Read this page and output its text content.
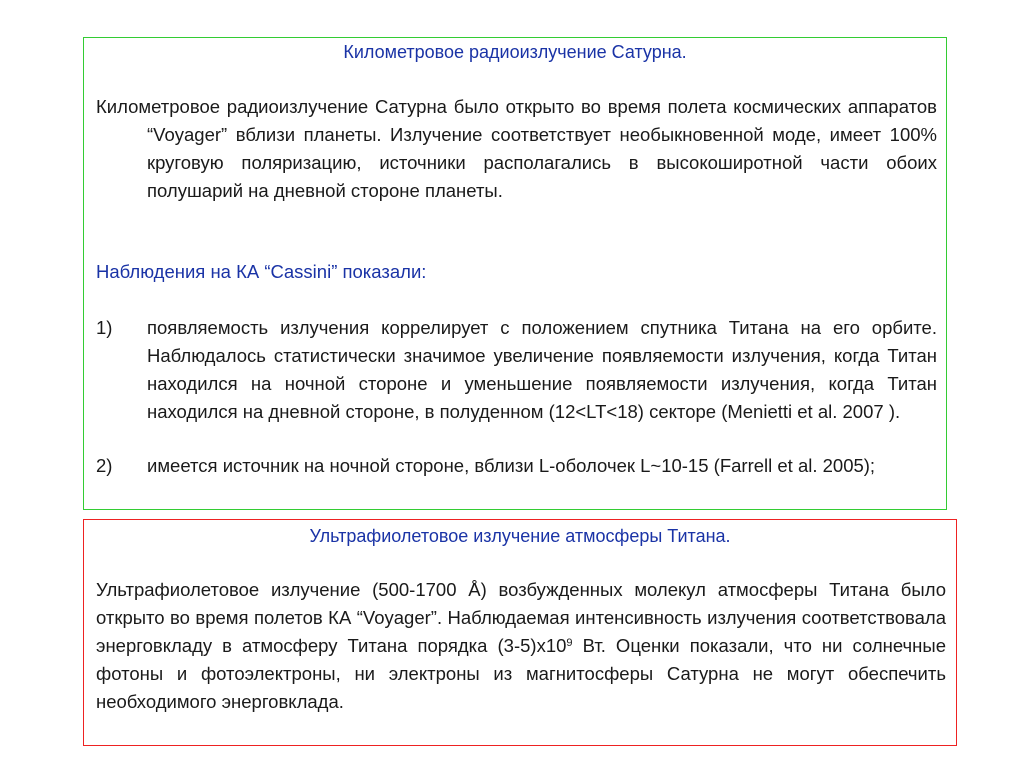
Километровое радиоизлучение Сатурна.
Километровое радиоизлучение Сатурна было открыто во время полета космических аппаратов “Voyager” вблизи планеты. Излучение соответствует необыкновенной моде, имеет 100% круговую поляризацию, источники располагались в высокоширотной части обоих полушарий на дневной стороне планеты.
Наблюдения на КА “Cassini” показали:
1) появляемость излучения коррелирует с положением спутника Титана на его орбите. Наблюдалось статистически значимое увеличение появляемости излучения, когда Титан находился на ночной стороне и уменьшение появляемости излучения, когда Титан находился на дневной стороне, в полуденном (12<LT<18) секторе (Menietti et al. 2007 ).
2) имеется источник на ночной стороне, вблизи L-оболочек L~10-15 (Farrell et al. 2005);
Ультрафиолетовое излучение атмосферы Титана.
Ультрафиолетовое излучение (500-1700 Å) возбужденных молекул атмосферы Титана было открыто во время полетов КА “Voyager”. Наблюдаемая интенсивность излучения соответствовала энерговкладу в атмосферу Титана порядка $(3-5)x10^9$ Вт. Оценки показали, что ни солнечные фотоны и фотоэлектроны, ни электроны из магнитосферы Сатурна не могут обеспечить необходимого энерговклада.
